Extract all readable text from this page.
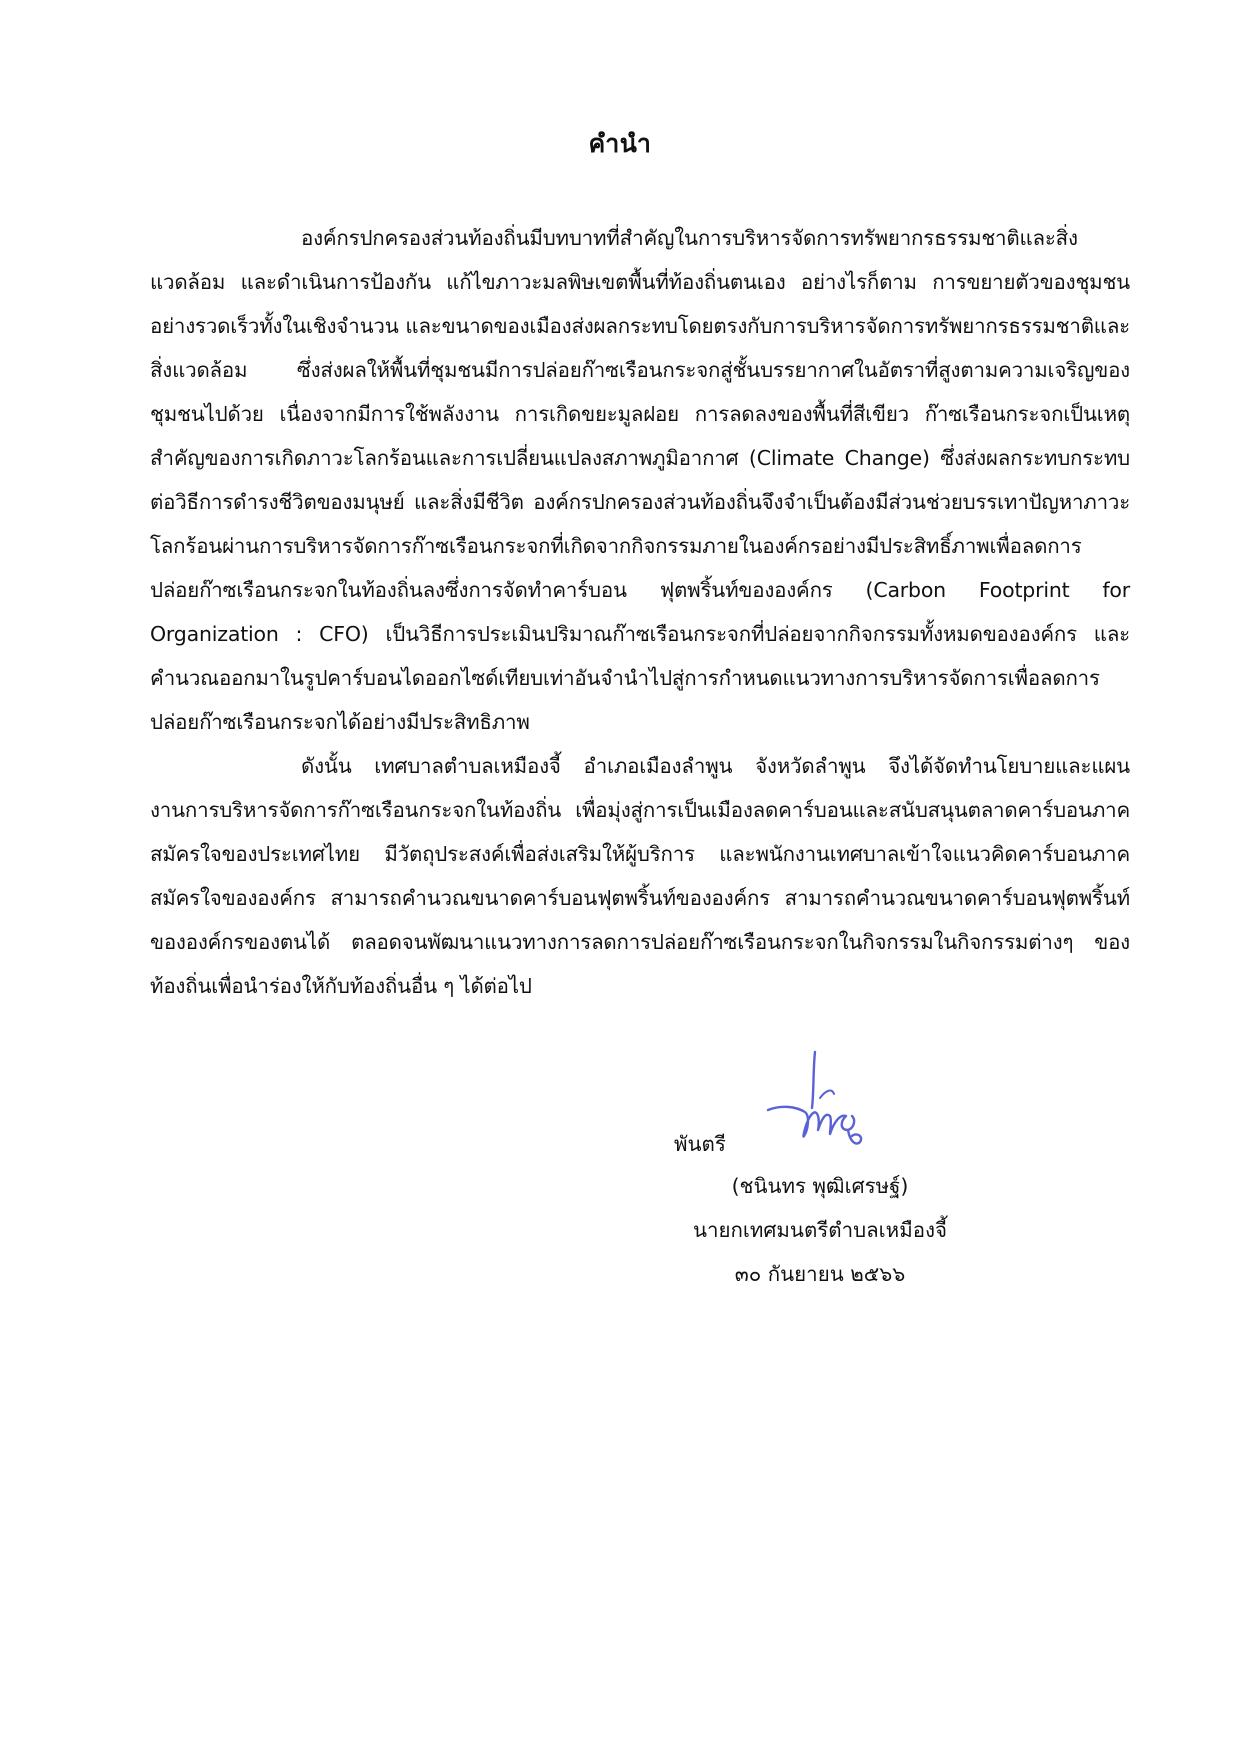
คำนำ

องค์กรปกครองส่วนท้องถิ่นมีบทบาทที่สำคัญในการบริหารจัดการทรัพยากรธรรมชาติและสิ่งแวดล้อม และดำเนินการป้องกัน แก้ไขภาวะมลพิษเขตพื้นที่ท้องถิ่นตนเอง อย่างไรก็ตาม การขยายตัวของชุมชนอย่างรวดเร็วทั้งในเชิงจำนวน และขนาดของเมืองส่งผลกระทบโดยตรงกับการบริหารจัดการทรัพยากรธรรมชาติและสิ่งแวดล้อม ซึ่งส่งผลให้พื้นที่ชุมชนมีการปล่อยก๊าซเรือนกระจกสู่ชั้นบรรยากาศในอัตราที่สูงตามความเจริญของชุมชนไปด้วย เนื่องจากมีการใช้พลังงาน การเกิดขยะมูลฝอย การลดลงของพื้นที่สีเขียว ก๊าซเรือนกระจกเป็นเหตุสำคัญของการเกิดภาวะโลกร้อนและการเปลี่ยนแปลงสภาพภูมิอากาศ (Climate Change) ซึ่งส่งผลกระทบกระทบต่อวิธีการดำรงชีวิตของมนุษย์ และสิ่งมีชีวิต องค์กรปกครองส่วนท้องถิ่นจึงจำเป็นต้องมีส่วนช่วยบรรเทาปัญหาภาวะโลกร้อนผ่านการบริหารจัดการก๊าซเรือนกระจกที่เกิดจากกิจกรรมภายในองค์กรอย่างมีประสิทธิ์ภาพเพื่อลดการปล่อยก๊าซเรือนกระจกในท้องถิ่นลงซึ่งการจัดทำคาร์บอน ฟุตพริ้นท์ขององค์กร (Carbon Footprint for Organization : CFO) เป็นวิธีการประเมินปริมาณก๊าซเรือนกระจกที่ปล่อยจากกิจกรรมทั้งหมดขององค์กร และคำนวณออกมาในรูปคาร์บอนไดออกไซด์เทียบเท่าอันจำนำไปสู่การกำหนดแนวทางการบริหารจัดการเพื่อลดการปล่อยก๊าซเรือนกระจกได้อย่างมีประสิทธิภาพ

ดังนั้น เทศบาลตำบลเหมืองจี้ อำเภอเมืองลำพูน จังหวัดลำพูน จึงได้จัดทำนโยบายและแผนงานการบริหารจัดการก๊าซเรือนกระจกในท้องถิ่น เพื่อมุ่งสู่การเป็นเมืองลดคาร์บอนและสนับสนุนตลาดคาร์บอนภาคสมัครใจของประเทศไทย มีวัตถุประสงค์เพื่อส่งเสริมให้ผู้บริการ และพนักงานเทศบาลเข้าใจแนวคิดคาร์บอนภาคสมัครใจขององค์กร สามารถคำนวณขนาดคาร์บอนฟุตพริ้นท์ขององค์กร สามารถคำนวณขนาดคาร์บอนฟุตพริ้นท์ขององค์กรของตนได้ ตลอดจนพัฒนาแนวทางการลดการปล่อยก๊าซเรือนกระจกในกิจกรรมในกิจกรรมต่างๆ ของท้องถิ่นเพื่อนำร่องให้กับท้องถิ่นอื่น ๆ ได้ต่อไป

พันตรี
(ชนินทร พุฒิเศรษฐ์)
นายกเทศมนตรีตำบลเหมืองจี้
๓๐ กันยายน ๒๕๖๖
